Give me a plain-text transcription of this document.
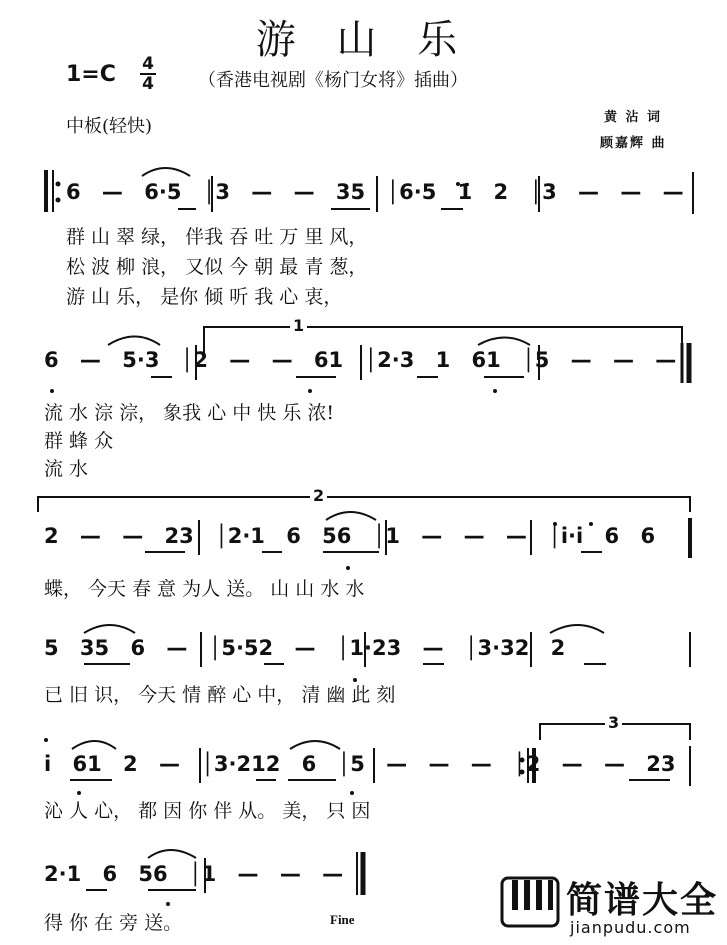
游 山 乐
1=C 4
4 （香港电视剧《杨门女将》插曲）
中板(轻快)	黄 沾 词
顾嘉辉 曲
1
2
3
6 — 6·5 │3 — — 35 │6·5 1̇ 2 │3 — — —
群 山 翠 绿， 伴我 吞 吐 万 里 风，
松 波 柳 浪， 又似 今 朝 最 青 葱，
游 山 乐， 是你 倾 听 我 心 衷，
6 — 5·3 │2 — — 61 │2·3 1 61 │5 — — —
流 水 淙 淙， 象我 心 中 快 乐 浓!
群 蜂 众
流 水
2 — — 23 │2·1 6 56 │1 — — — │i·i 6 6
蝶， 今天 春 意 为人 送。 山 山 水 水
5 35 6 — │5·52 — │1·23 — │3·32 2
已 旧 识， 今天 情 醉 心 中， 清 幽 此 刻
i 61 2 — │3·212 6 │5 — — — │2 — — 23
沁 人 心， 都 因 你 伴 从。 美， 只 因
2·1 6 56 │1 — — —
得 你 在 旁 送。	Fine	简谱大全
jianpudu.com
